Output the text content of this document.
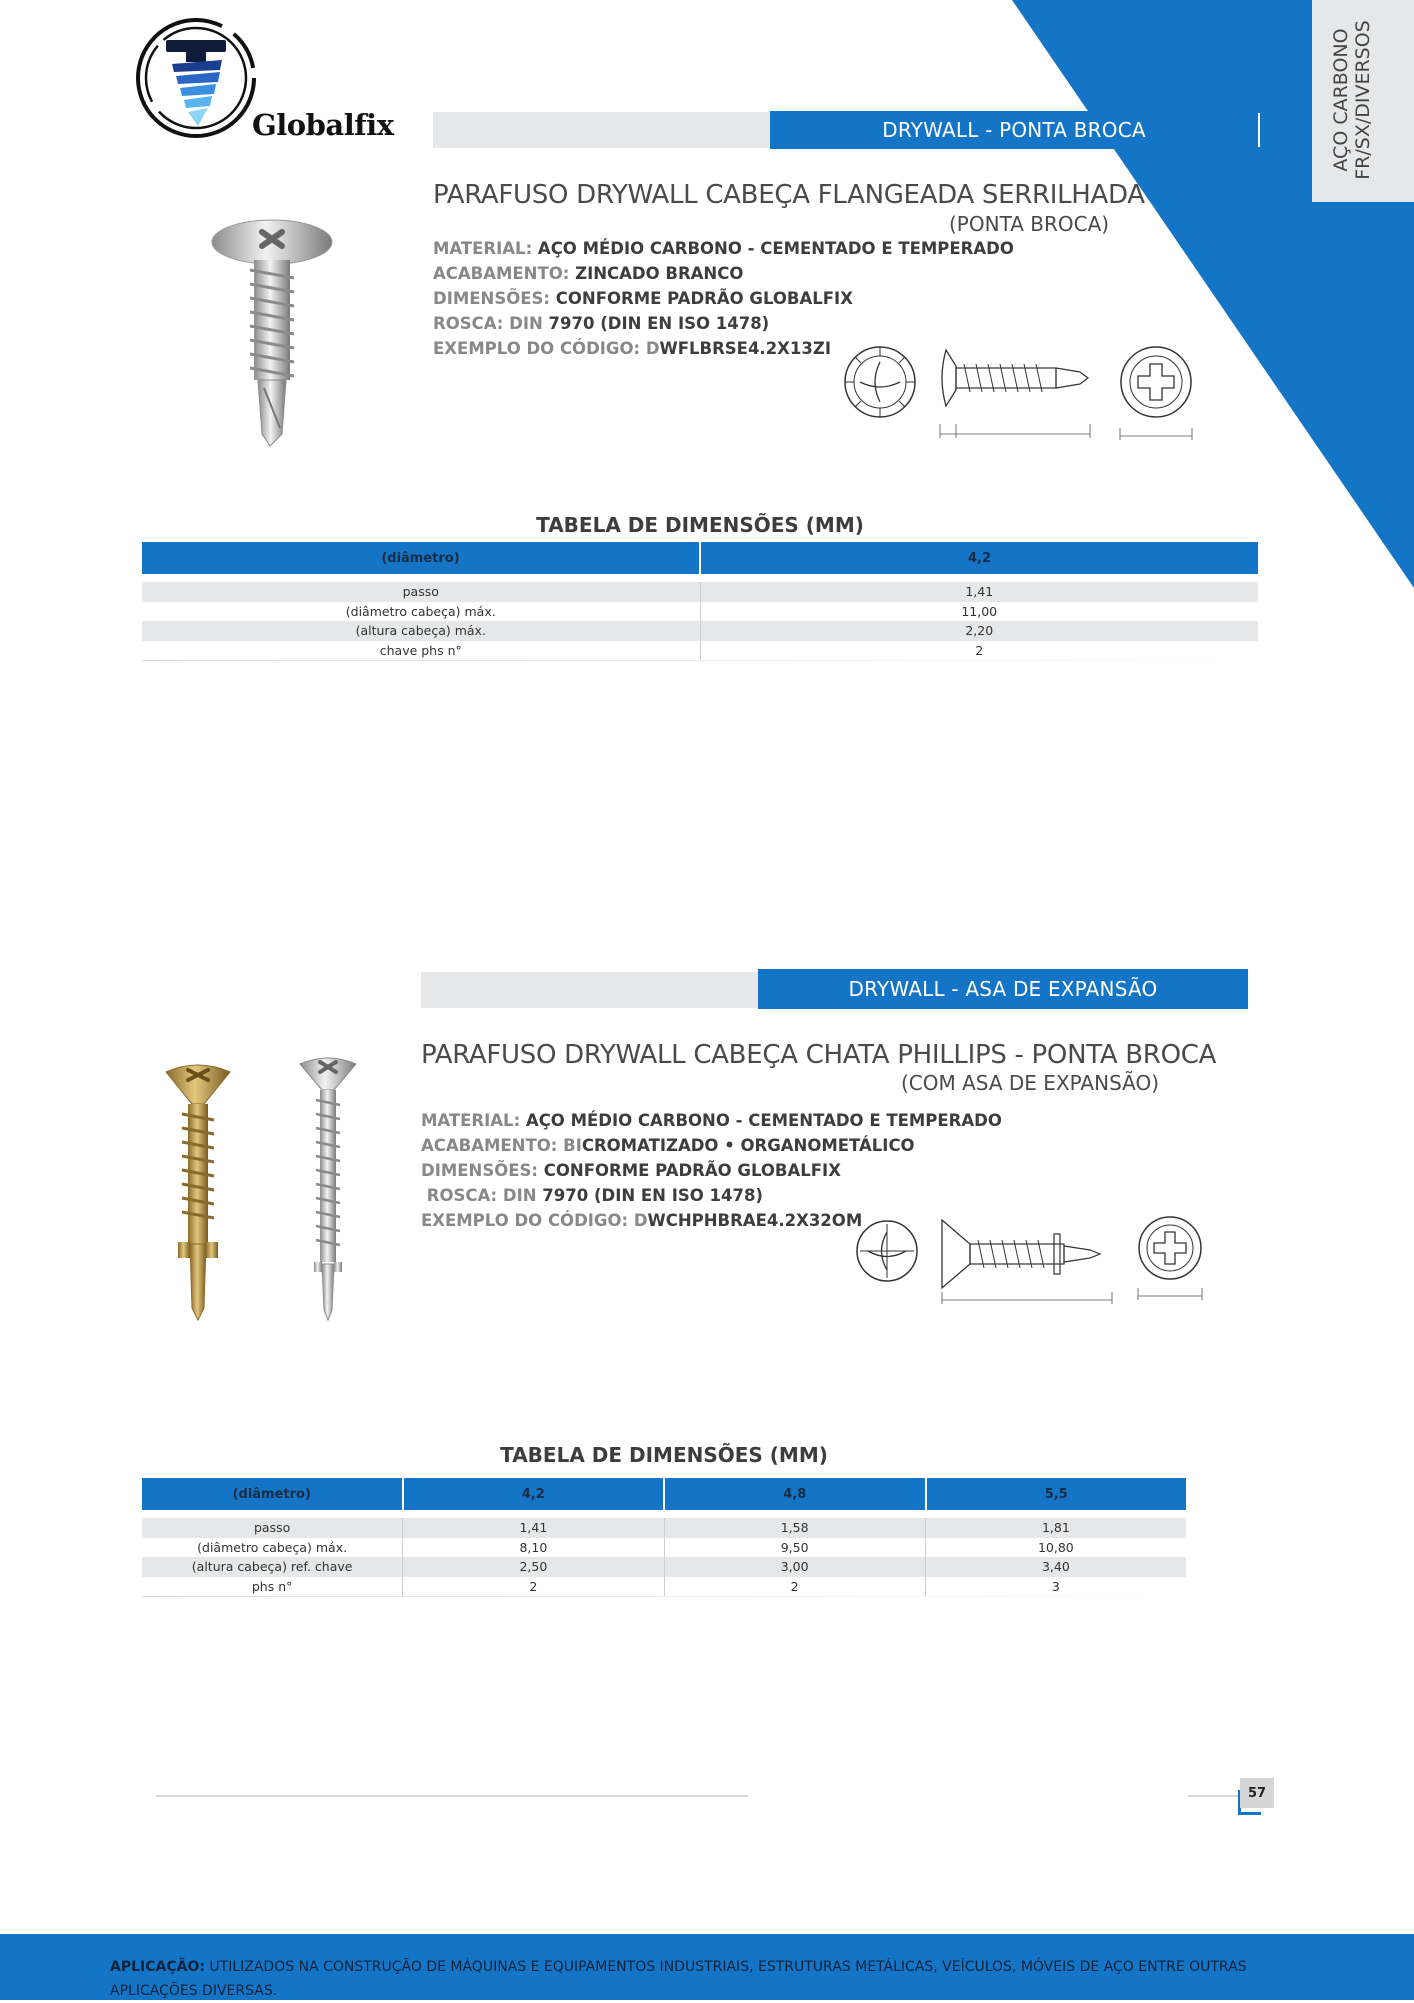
AÇO CARBONO FR/SX/DIVERSOS
Globalfix	DRYWALL - PONTA BROCA
PARAFUSO DRYWALL CABEÇA FLANGEADA SERRILHADA
(PONTA BROCA)
MATERIAL: AÇO MÉDIO CARBONO - CEMENTADO E TEMPERADO
ACABAMENTO: ZINCADO BRANCO
DIMENSÕES: CONFORME PADRÃO GLOBALFIX
ROSCA: DIN 7970 (DIN EN ISO 1478)
EXEMPLO DO CÓDIGO: DWFLBRSE4.2X13ZI
TABELA DE DIMENSÕES (MM)
(diâmetro)	4,2
passo	1,41
(diâmetro cabeça) máx.	11,00
(altura cabeça) máx.	2,20
chave phs n°	2
DRYWALL - ASA DE EXPANSÃO
PARAFUSO DRYWALL CABEÇA CHATA PHILLIPS - PONTA BROCA
(COM ASA DE EXPANSÃO)
MATERIAL: AÇO MÉDIO CARBONO - CEMENTADO E TEMPERADO
ACABAMENTO: BICROMATIZADO • ORGANOMETÁLICO
DIMENSÕES: CONFORME PADRÃO GLOBALFIX
ROSCA: DIN 7970 (DIN EN ISO 1478)
EXEMPLO DO CÓDIGO: DWCHPHBRAE4.2X32OM
TABELA DE DIMENSÕES (MM)
(diâmetro)	4,2	4,8	5,5
passo	1,41	1,58	1,81
(diâmetro cabeça) máx.	8,10	9,50	10,80
(altura cabeça) ref. chave	2,50	3,00	3,40
phs n°	2	2	3
57
APLICAÇÃO: UTILIZADOS NA CONSTRUÇÃO DE MÁQUINAS E EQUIPAMENTOS INDUSTRIAIS, ESTRUTURAS METÁLICAS, VEÍCULOS, MÓVEIS DE AÇO ENTRE OUTRAS APLICAÇÕES DIVERSAS.
